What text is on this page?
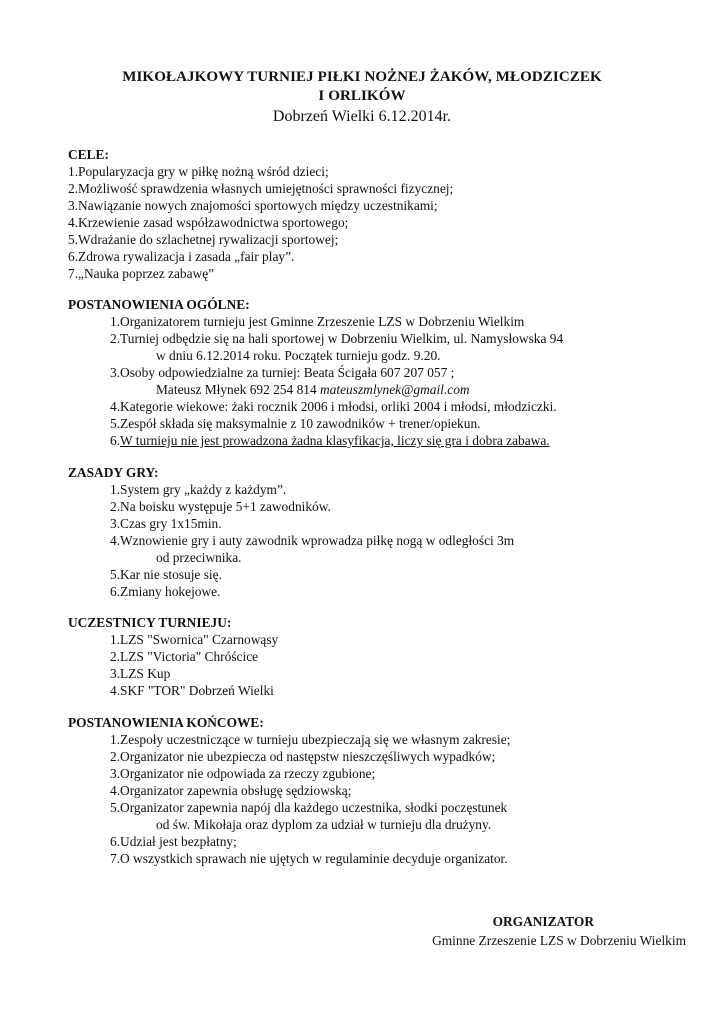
MIKOŁAJKOWY TURNIEJ PIŁKI NOŻNEJ ŻAKÓW, MŁODZICZEK
I ORLIKÓW
Dobrzeń Wielki 6.12.2014r.
CELE:
1.Popularyzacja gry w piłkę nożną wśród dzieci;
2.Możliwość sprawdzenia własnych umiejętności sprawności fizycznej;
3.Nawiązanie nowych znajomości sportowych między uczestnikami;
4.Krzewienie zasad współzawodnictwa sportowego;
5.Wdrażanie do szlachetnej rywalizacji sportowej;
6.Zdrowa rywalizacja i zasada „fair play”.
7.„Nauka poprzez zabawę”
POSTANOWIENIA OGÓLNE:
1.Organizatorem turnieju jest Gminne Zrzeszenie LZS w Dobrzeniu Wielkim
2.Turniej odbędzie się na hali sportowej w Dobrzeniu Wielkim, ul. Namysłowska 94
w dniu 6.12.2014 roku. Początek turnieju godz. 9.20.
3.Osoby odpowiedzialne za turniej: Beata Ścigała 607 207 057 ;
Mateusz Młynek 692 254 814 mateuszmlynek@gmail.com
4.Kategorie wiekowe: żaki rocznik 2006 i młodsi, orliki 2004 i młodsi, młodziczki.
5.Zespół składa się maksymalnie z 10 zawodników + trener/opiekun.
6.W turnieju nie jest prowadzona żadna klasyfikacja, liczy się gra i dobra zabawa.
ZASADY GRY:
1.System gry „każdy z każdym”.
2.Na boisku występuje 5+1 zawodników.
3.Czas gry 1x15min.
4.Wznowienie gry i auty zawodnik wprowadza piłkę nogą w odległości 3m
od przeciwnika.
5.Kar nie stosuje się.
6.Zmiany hokejowe.
UCZESTNICY TURNIEJU:
1.LZS "Swornica" Czarnowąsy
2.LZS "Victoria" Chróścice
3.LZS Kup
4.SKF "TOR" Dobrzeń Wielki
POSTANOWIENIA KOŃCOWE:
1.Zespoły uczestniczące w turnieju ubezpieczają się we własnym zakresie;
2.Organizator nie ubezpiecza od następstw nieszczęśliwych wypadków;
3.Organizator nie odpowiada za rzeczy zgubione;
4.Organizator zapewnia obsługę sędziowską;
5.Organizator zapewnia napój dla każdego uczestnika, słodki poczęstunek
od św. Mikołaja oraz dyplom za udział w turnieju dla drużyny.
6.Udział jest bezpłatny;
7.O wszystkich sprawach nie ujętych w regulaminie decyduje organizator.
ORGANIZATOR
Gminne Zrzeszenie LZS w Dobrzeniu Wielkim
